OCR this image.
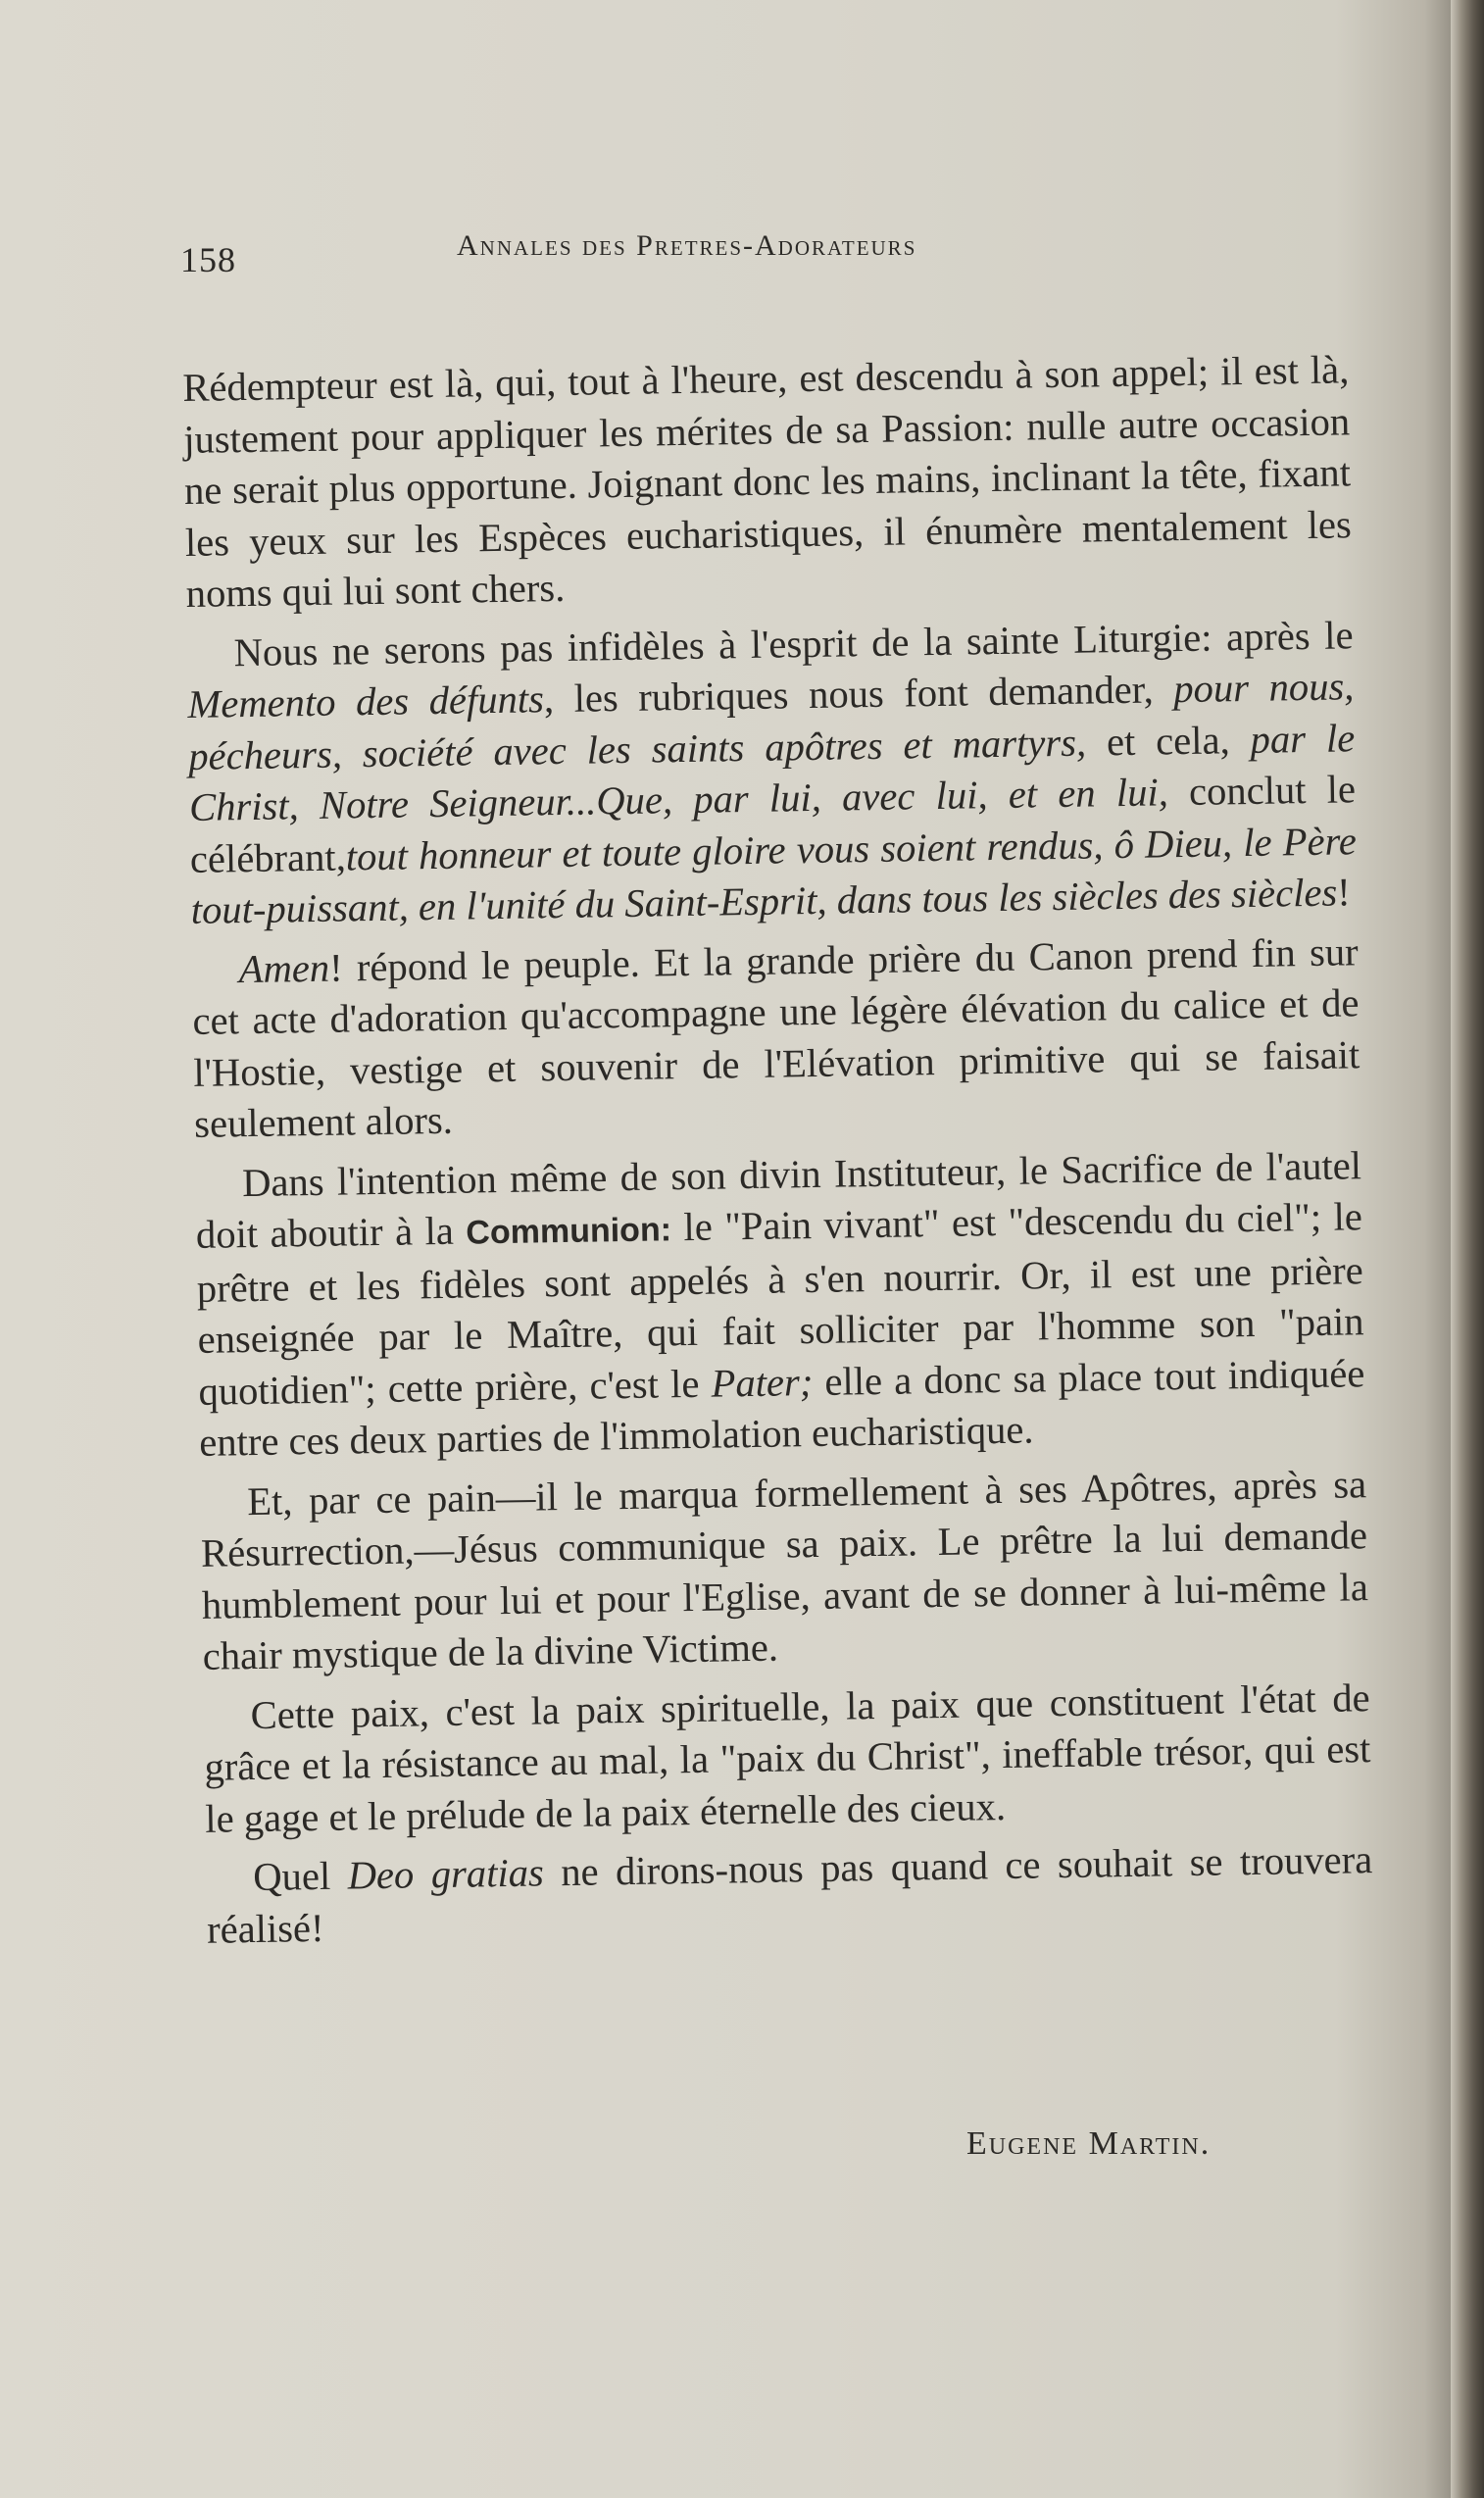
158	Annales des Pretres-Adorateurs

Rédempteur est là, qui, tout à l'heure, est descendu à son appel; il est là, justement pour appliquer les mérites de sa Passion: nulle autre occasion ne serait plus opportune. Joignant donc les mains, inclinant la tête, fixant les yeux sur les Espèces eucharistiques, il énumère mentalement les noms qui lui sont chers.

Nous ne serons pas infidèles à l'esprit de la sainte Liturgie: après le Memento des défunts, les rubriques nous font demander, pour nous, pécheurs, société avec les saints apôtres et martyrs, et cela, par le Christ, Notre Seigneur...Que, par lui, avec lui, et en lui, conclut le célébrant,tout honneur et toute gloire vous soient rendus, ô Dieu, le Père tout-puissant, en l'unité du Saint-Esprit, dans tous les siècles des siècles!

Amen! répond le peuple. Et la grande prière du Canon prend fin sur cet acte d'adoration qu'accompagne une légère élévation du calice et de l'Hostie, vestige et souvenir de l'Elévation primitive qui se faisait seulement alors.

Dans l'intention même de son divin Instituteur, le Sacrifice de l'autel doit aboutir à la Communion: le "Pain vivant" est "descendu du ciel"; le prêtre et les fidèles sont appelés à s'en nourrir. Or, il est une prière enseignée par le Maître, qui fait solliciter par l'homme son "pain quotidien"; cette prière, c'est le Pater; elle a donc sa place tout indiquée entre ces deux parties de l'immolation eucharistique.

Et, par ce pain—il le marqua formellement à ses Apôtres, après sa Résurrection,—Jésus communique sa paix. Le prêtre la lui demande humblement pour lui et pour l'Eglise, avant de se donner à lui-même la chair mystique de la divine Victime.

Cette paix, c'est la paix spirituelle, la paix que constituent l'état de grâce et la résistance au mal, la "paix du Christ", ineffable trésor, qui est le gage et le prélude de la paix éternelle des cieux.

Quel Deo gratias ne dirons-nous pas quand ce souhait se trouvera réalisé!

Eugene Martin.
